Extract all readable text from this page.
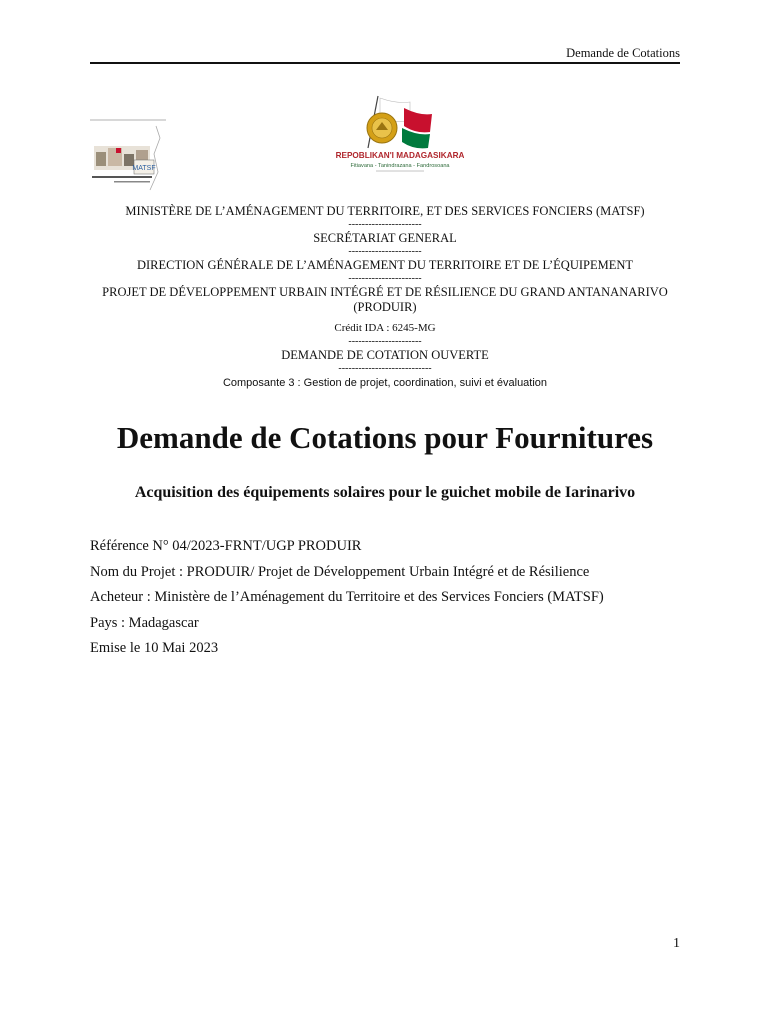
Demande de Cotations
MATSF
REPOBLIKAN'I MADAGASIKARA
Fitiavana - Tanindrazana - Fandrosoana
MINISTÈRE DE L’AMÉNAGEMENT DU TERRITOIRE, ET DES SERVICES FONCIERS (MATSF)
----------------------
SECRÉTARIAT GENERAL
----------------------
DIRECTION GÉNÉRALE DE L’AMÉNAGEMENT DU TERRITOIRE ET DE L’ÉQUIPEMENT
----------------------
PROJET DE DÉVELOPPEMENT URBAIN INTÉGRÉ ET DE RÉSILIENCE DU GRAND ANTANANARIVO
(PRODUIR)
Crédit IDA : 6245-MG
----------------------
DEMANDE DE COTATION OUVERTE
----------------------------
Composante 3 : Gestion de projet, coordination, suivi et évaluation
Demande de Cotations pour Fournitures
Acquisition des équipements solaires pour le guichet mobile de Iarinarivo
Référence N° 04/2023-FRNT/UGP PRODUIR
Nom du Projet : PRODUIR/ Projet de Développement Urbain Intégré et de Résilience
Acheteur : Ministère de l’Aménagement du Territoire et des Services Fonciers (MATSF)
Pays : Madagascar
Emise le 10 Mai 2023
1
